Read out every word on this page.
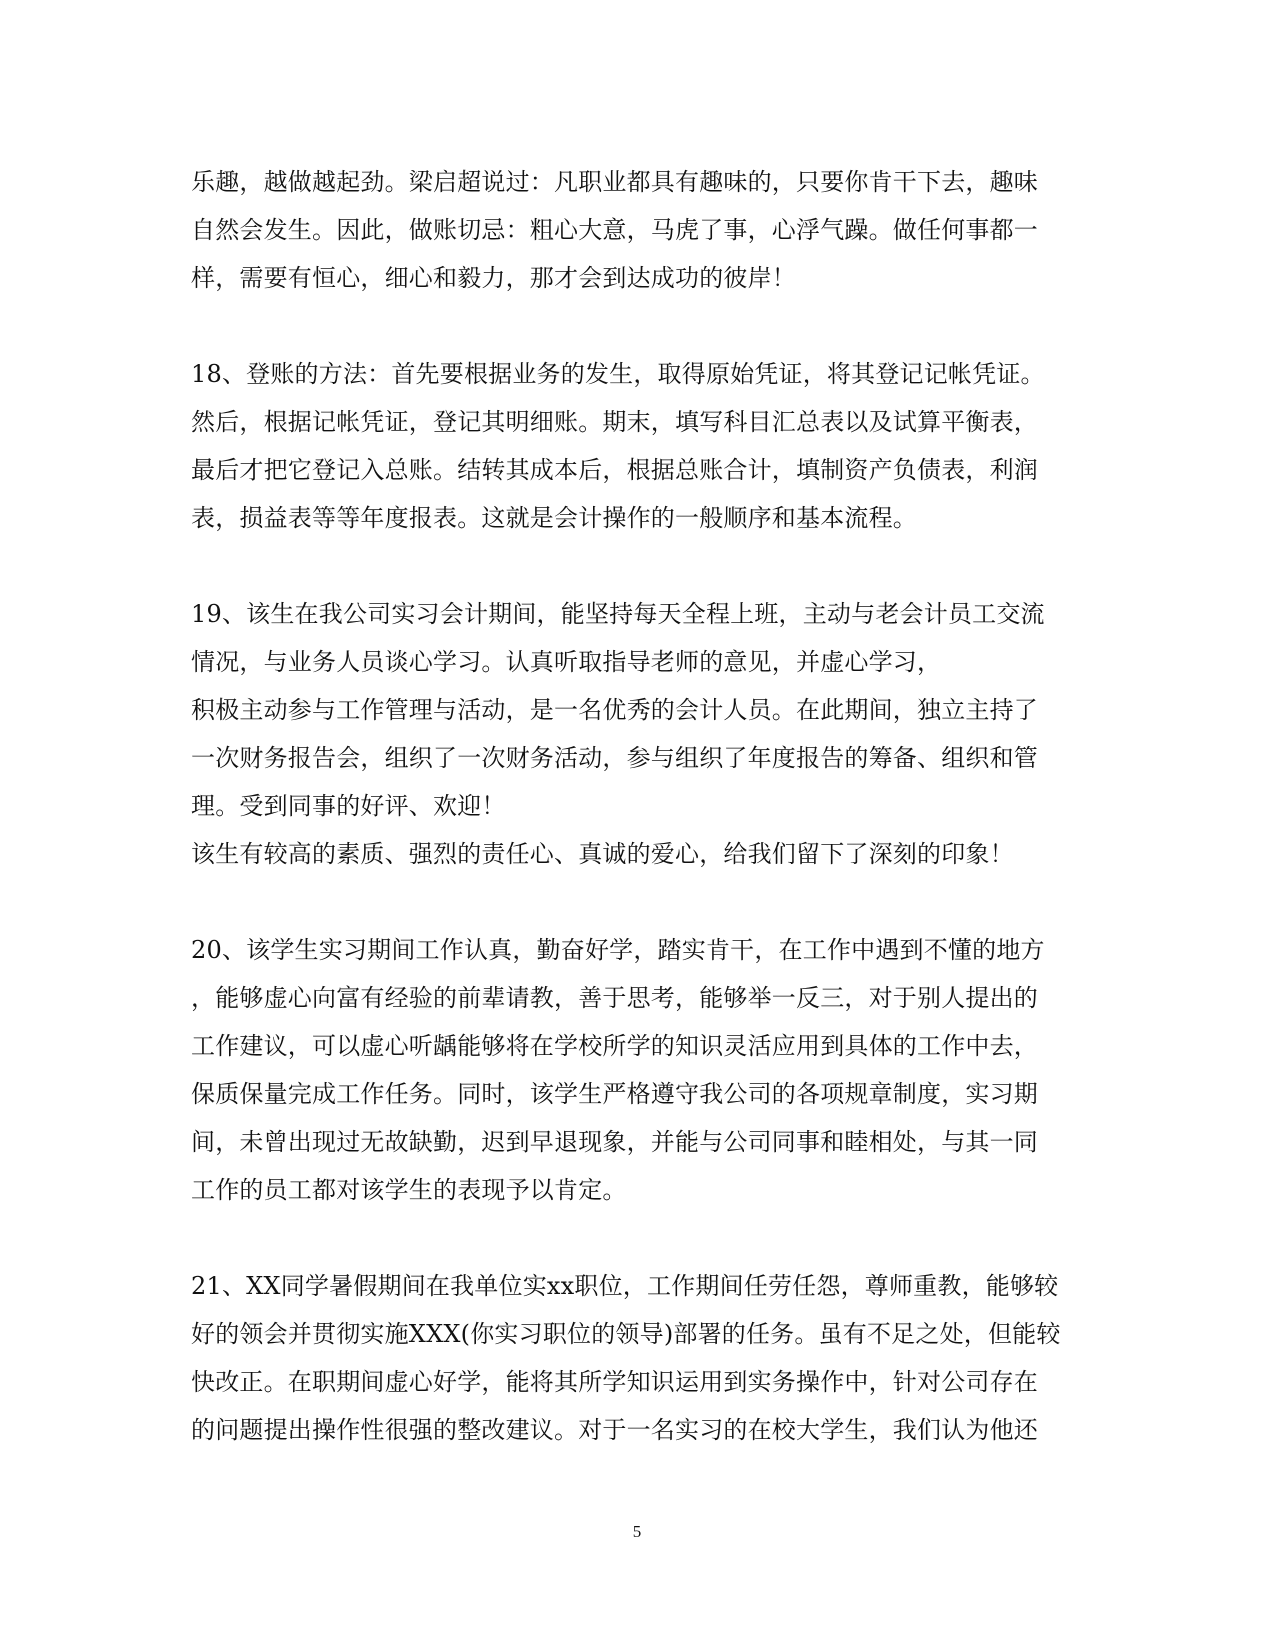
乐趣，越做越起劲。梁启超说过：凡职业都具有趣味的，只要你肯干下去，趣味
自然会发生。因此，做账切忌：粗心大意，马虎了事，心浮气躁。做任何事都一
样，需要有恒心，细心和毅力，那才会到达成功的彼岸！
18、登账的方法：首先要根据业务的发生，取得原始凭证，将其登记记帐凭证。
然后，根据记帐凭证，登记其明细账。期末，填写科目汇总表以及试算平衡表，
最后才把它登记入总账。结转其成本后，根据总账合计，填制资产负债表，利润
表，损益表等等年度报表。这就是会计操作的一般顺序和基本流程。
19、该生在我公司实习会计期间，能坚持每天全程上班，主动与老会计员工交流
情况，与业务人员谈心学习。认真听取指导老师的意见，并虚心学习，
积极主动参与工作管理与活动，是一名优秀的会计人员。在此期间，独立主持了
一次财务报告会，组织了一次财务活动，参与组织了年度报告的筹备、组织和管
理。受到同事的好评、欢迎！
该生有较高的素质、强烈的责任心、真诚的爱心，给我们留下了深刻的印象！
20、该学生实习期间工作认真，勤奋好学，踏实肯干，在工作中遇到不懂的地方
，能够虚心向富有经验的前辈请教，善于思考，能够举一反三，对于别人提出的
工作建议，可以虚心听龋能够将在学校所学的知识灵活应用到具体的工作中去，
保质保量完成工作任务。同时，该学生严格遵守我公司的各项规章制度，实习期
间，未曾出现过无故缺勤，迟到早退现象，并能与公司同事和睦相处，与其一同
工作的员工都对该学生的表现予以肯定。
21、XX同学暑假期间在我单位实xx职位，工作期间任劳任怨，尊师重教，能够较
好的领会并贯彻实施XXX(你实习职位的领导)部署的任务。虽有不足之处，但能较
快改正。在职期间虚心好学，能将其所学知识运用到实务操作中，针对公司存在
的问题提出操作性很强的整改建议。对于一名实习的在校大学生，我们认为他还
5
